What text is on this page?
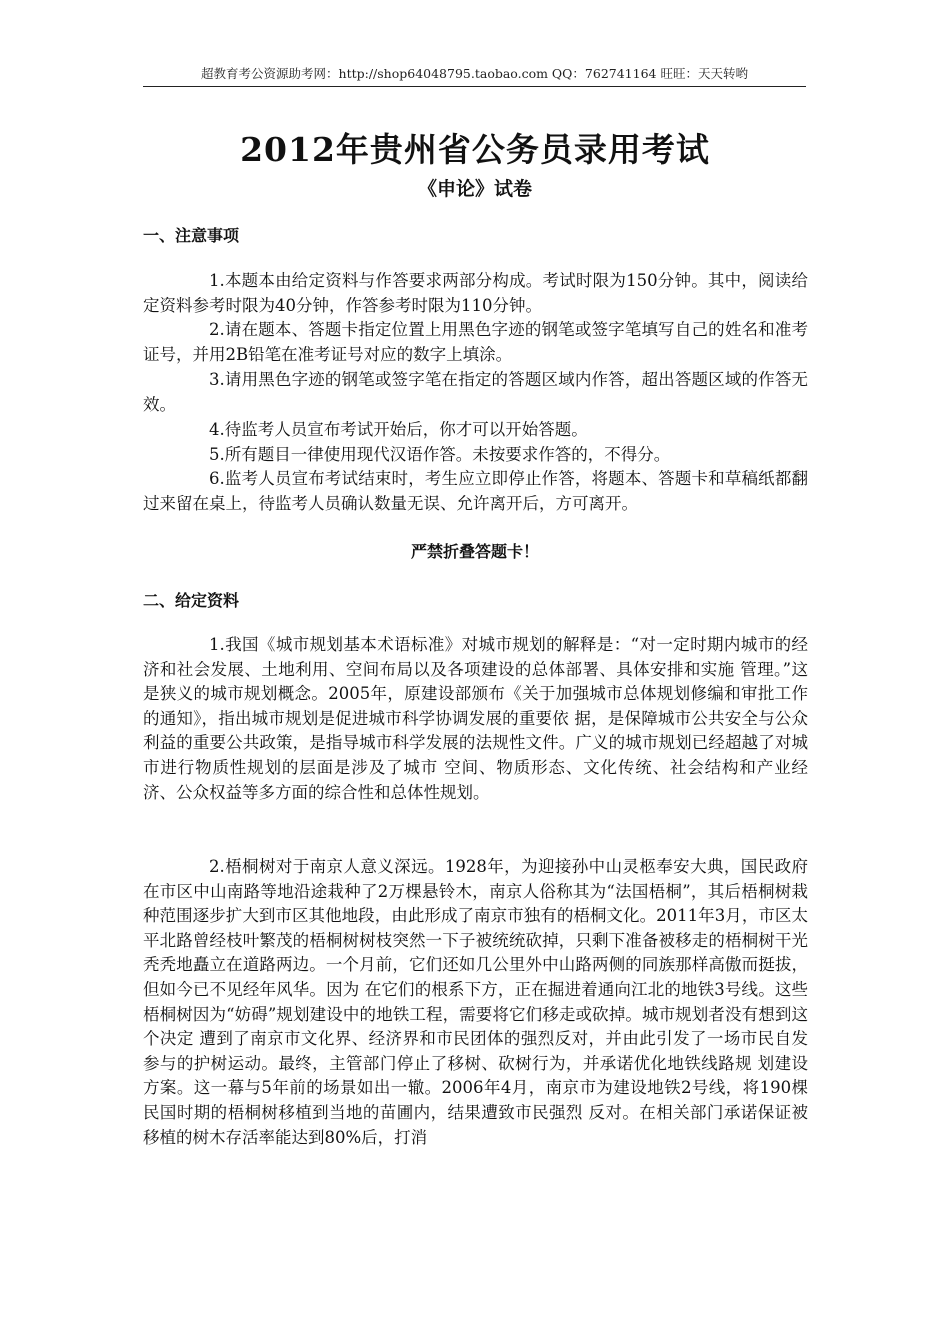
超教育考公资源助考网：http://shop64048795.taobao.com QQ：762741164 旺旺：天天转哟
2012年贵州省公务员录用考试
《申论》试卷
一、注意事项

1.本题本由给定资料与作答要求两部分构成。考试时限为150分钟。其中，阅读给定资料参考时限为40分钟，作答参考时限为110分钟。

2.请在题本、答题卡指定位置上用黑色字迹的钢笔或签字笔填写自己的姓名和准考证号，并用2B铅笔在准考证号对应的数字上填涂。

3.请用黑色字迹的钢笔或签字笔在指定的答题区域内作答，超出答题区域的作答无效。

4.待监考人员宣布考试开始后，你才可以开始答题。

5.所有题目一律使用现代汉语作答。未按要求作答的，不得分。

6.监考人员宣布考试结束时，考生应立即停止作答，将题本、答题卡和草稿纸都翻过来留在桌上，待监考人员确认数量无误、允许离开后，方可离开。

严禁折叠答题卡！
二、给定资料

1.我国《城市规划基本术语标准》对城市规划的解释是：“对一定时期内城市的经济和社会发展、土地利用、空间布局以及各项建设的总体部署、具体安排和实施 管理。”这是狭义的城市规划概念。2005年，原建设部颁布《关于加强城市总体规划修编和审批工作的通知》，指出城市规划是促进城市科学协调发展的重要依 据，是保障城市公共安全与公众利益的重要公共政策，是指导城市科学发展的法规性文件。广义的城市规划已经超越了对城市进行物质性规划的层面是涉及了城市 空间、物质形态、文化传统、社会结构和产业经济、公众权益等多方面的综合性和总体性规划。

2.梧桐树对于南京人意义深远。1928年，为迎接孙中山灵柩奉安大典，国民政府在市区中山南路等地沿途栽种了2万棵悬铃木，南京人俗称其为“法国梧桐”，其后梧桐树栽种范围逐步扩大到市区其他地段，由此形成了南京市独有的梧桐文化。2011年3月，市区太平北路曾经枝叶繁茂的梧桐树树枝突然一下子被统统砍掉，只剩下准备被移走的梧桐树干光秃秃地矗立在道路两边。一个月前，它们还如几公里外中山路两侧的同族那样高傲而挺拔，但如今已不见经年风华。因为 在它们的根系下方，正在掘进着通向江北的地铁3号线。这些梧桐树因为“妨碍”规划建设中的地铁工程，需要将它们移走或砍掉。城市规划者没有想到这个决定 遭到了南京市文化界、经济界和市民团体的强烈反对，并由此引发了一场市民自发参与的护树运动。最终，主管部门停止了移树、砍树行为，并承诺优化地铁线路规 划建设方案。这一幕与5年前的场景如出一辙。2006年4月，南京市为建设地铁2号线，将190棵民国时期的梧桐树移植到当地的苗圃内，结果遭致市民强烈 反对。在相关部门承诺保证被移植的树木存活率能达到80%后，打消
